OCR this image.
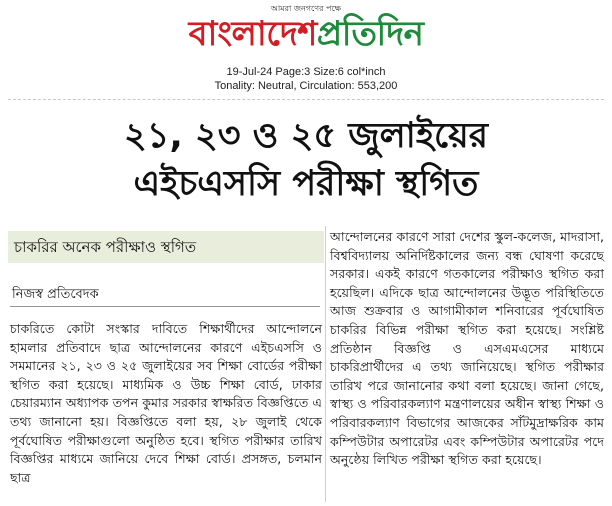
আমরা জনগণের পক্ষে
বাংলাদেশপ্রতিদিন
19-Jul-24 Page:3 Size:6 col*inch
Tonality: Neutral, Circulation: 553,200
২১, ২৩ ও ২৫ জুলাইয়ের
এইচএসসি পরীক্ষা স্থগিত
চাকরির অনেক পরীক্ষাও স্থগিত
নিজস্ব প্রতিবেদক
চাকরিতে কোটা সংস্কার দাবিতে শিক্ষার্থীদের আন্দোলনে হামলার প্রতিবাদে ছাত্র আন্দোলনের কারণে এইচএসসি ও সমমানের ২১, ২৩ ও ২৫ জুলাইয়ের সব শিক্ষা বোর্ডের পরীক্ষা স্থগিত করা হয়েছে। মাধ্যমিক ও উচ্চ শিক্ষা বোর্ড, ঢাকার চেয়ারম্যান অধ্যাপক তপন কুমার সরকার স্বাক্ষরিত বিজ্ঞপ্তিতে এ তথ্য জানানো হয়। বিজ্ঞপ্তিতে বলা হয়, ২৮ জুলাই থেকে পূর্বঘোষিত পরীক্ষাগুলো অনুষ্ঠিত হবে। স্থগিত পরীক্ষার তারিখ বিজ্ঞপ্তির মাধ্যমে জানিয়ে দেবে শিক্ষা বোর্ড। প্রসঙ্গত, চলমান ছাত্র
আন্দোলনের কারণে সারা দেশের স্কুল-কলেজ, মাদরাসা, বিশ্ববিদ্যালয় অনির্দিষ্টকালের জন্য বন্ধ ঘোষণা করেছে সরকার। একই কারণে গতকালের পরীক্ষাও স্থগিত করা হয়েছিল। এদিকে ছাত্র আন্দোলনের উদ্ভূত পরিস্থিতিতে আজ শুক্রবার ও আগামীকাল শনিবারের পূর্বঘোষিত চাকরির বিভিন্ন পরীক্ষা স্থগিত করা হয়েছে। সংশ্লিষ্ট প্রতিষ্ঠান বিজ্ঞপ্তি ও এসএমএসের মাধ্যমে চাকরিপ্রার্থীদের এ তথ্য জানিয়েছে। স্থগিত পরীক্ষার তারিখ পরে জানানোর কথা বলা হয়েছে। জানা গেছে, স্বাস্থ্য ও পরিবারকল্যাণ মন্ত্রণালয়ের অধীন স্বাস্থ্য শিক্ষা ও পরিবারকল্যাণ বিভাগের আজকের সাঁটমুদ্রাক্ষরিক কাম কম্পিউটার অপারেটর এবং কম্পিউটার অপারেটর পদে অনুষ্ঠেয় লিখিত পরীক্ষা স্থগিত করা হয়েছে।
